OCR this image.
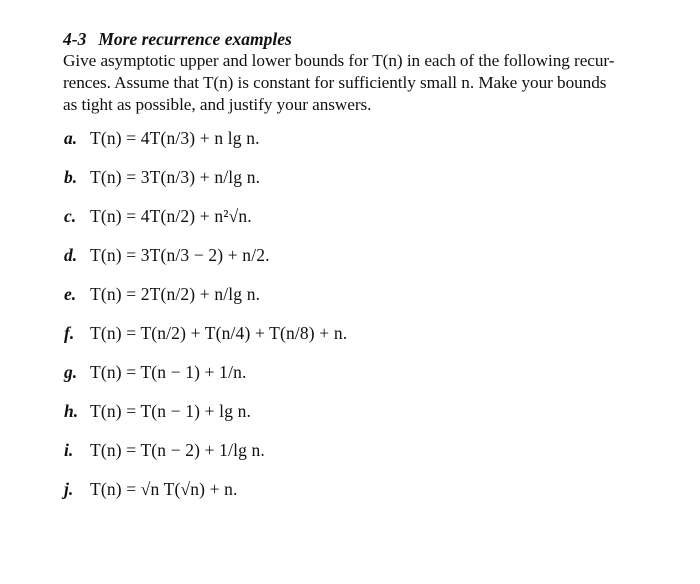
4-3 More recurrence examples

Give asymptotic upper and lower bounds for T(n) in each of the following recur-
rences. Assume that T(n) is constant for sufficiently small n. Make your bounds
as tight as possible, and justify your answers.

a. T(n) = 4T(n/3) + n lg n.
b. T(n) = 3T(n/3) + n/lg n.
c. T(n) = 4T(n/2) + n²√n.
d. T(n) = 3T(n/3 − 2) + n/2.
e. T(n) = 2T(n/2) + n/lg n.
f. T(n) = T(n/2) + T(n/4) + T(n/8) + n.
g. T(n) = T(n − 1) + 1/n.
h. T(n) = T(n − 1) + lg n.
i. T(n) = T(n − 2) + 1/lg n.
j. T(n) = √n T(√n) + n.
